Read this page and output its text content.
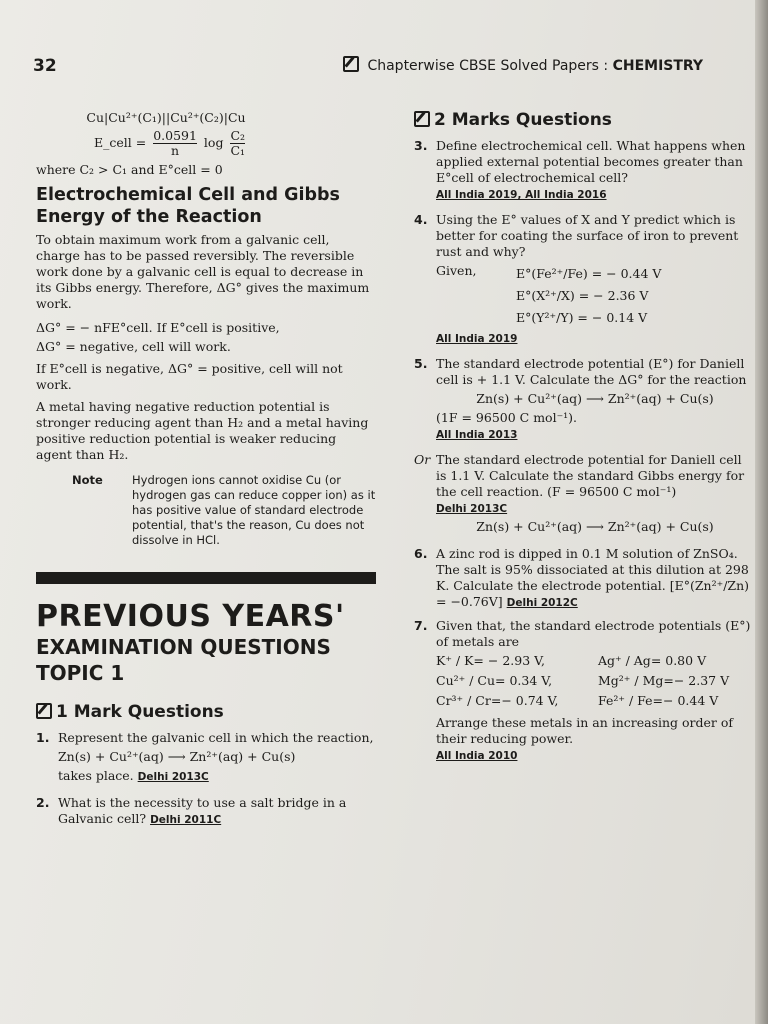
32	Chapterwise CBSE Solved Papers : CHEMISTRY

Cu|Cu²⁺(C₁)||Cu²⁺(C₂)|Cu

E_cell = $\frac{0.0591}{n}$ $\log \frac{\text{C₂}}{\text{C₁}}$

where C₂ > C₁ and E°cell = 0

Electrochemical Cell and Gibbs Energy of the Reaction

To obtain maximum work from a galvanic cell, charge has to be passed reversibly. The reversible work done by a galvanic cell is equal to decrease in its Gibbs energy. Therefore, ΔG° gives the maximum work.

ΔG° = − nFE°cell. If E°cell is positive,

ΔG° = negative, cell will work.

If E°cell is negative, ΔG° = positive, cell will not work.

A metal having negative reduction potential is stronger reducing agent than H₂ and a metal having positive reduction potential is weaker reducing agent than H₂.

Note	Hydrogen ions cannot oxidise Cu (or hydrogen gas can reduce copper ion) as it has positive value of standard electrode potential, that's the reason, Cu does not dissolve in HCl.
PREVIOUS YEARS'
EXAMINATION QUESTIONS
TOPIC 1
1 Mark Questions
1. Represent the galvanic cell in which the reaction,

Zn(s) + Cu²⁺(aq) ⟶ Zn²⁺(aq) + Cu(s)

takes place. Delhi 2013C

2. What is the necessity to use a salt bridge in a Galvanic cell? Delhi 2011C
2 Marks Questions
3. Define electrochemical cell. What happens when applied external potential becomes greater than E°cell of electrochemical cell?

All India 2019, All India 2016

4. Using the E° values of X and Y predict which is better for coating the surface of iron to prevent rust and why?

Given,	E°(Fe²⁺/Fe) = − 0.44 V
E°(X²⁺/X) = − 2.36 V
E°(Y²⁺/Y) = − 0.14 V

All India 2019

5. The standard electrode potential (E°) for Daniell cell is + 1.1 V. Calculate the ΔG° for the reaction

Zn(s) + Cu²⁺(aq) ⟶ Zn²⁺(aq) + Cu(s)

(1F = 96500 C mol⁻¹).

All India 2013

Or The standard electrode potential for Daniell cell is 1.1 V. Calculate the standard Gibbs energy for the cell reaction. (F = 96500 C mol⁻¹)

Delhi 2013C

Zn(s) + Cu²⁺(aq) ⟶ Zn²⁺(aq) + Cu(s)

6. A zinc rod is dipped in 0.1 M solution of ZnSO₄. The salt is 95% dissociated at this dilution at 298 K. Calculate the electrode potential. [E°(Zn²⁺/Zn) = −0.76V] Delhi 2012C
7. Given that, the standard electrode potentials (E°) of metals are

K⁺ / K= − 2.93 V,	Ag⁺ / Ag= 0.80 V
Cu²⁺ / Cu= 0.34 V,	Mg²⁺ / Mg=− 2.37 V
Cr³⁺ / Cr=− 0.74 V,	Fe²⁺ / Fe=− 0.44 V

Arrange these metals in an increasing order of their reducing power.

All India 2010
